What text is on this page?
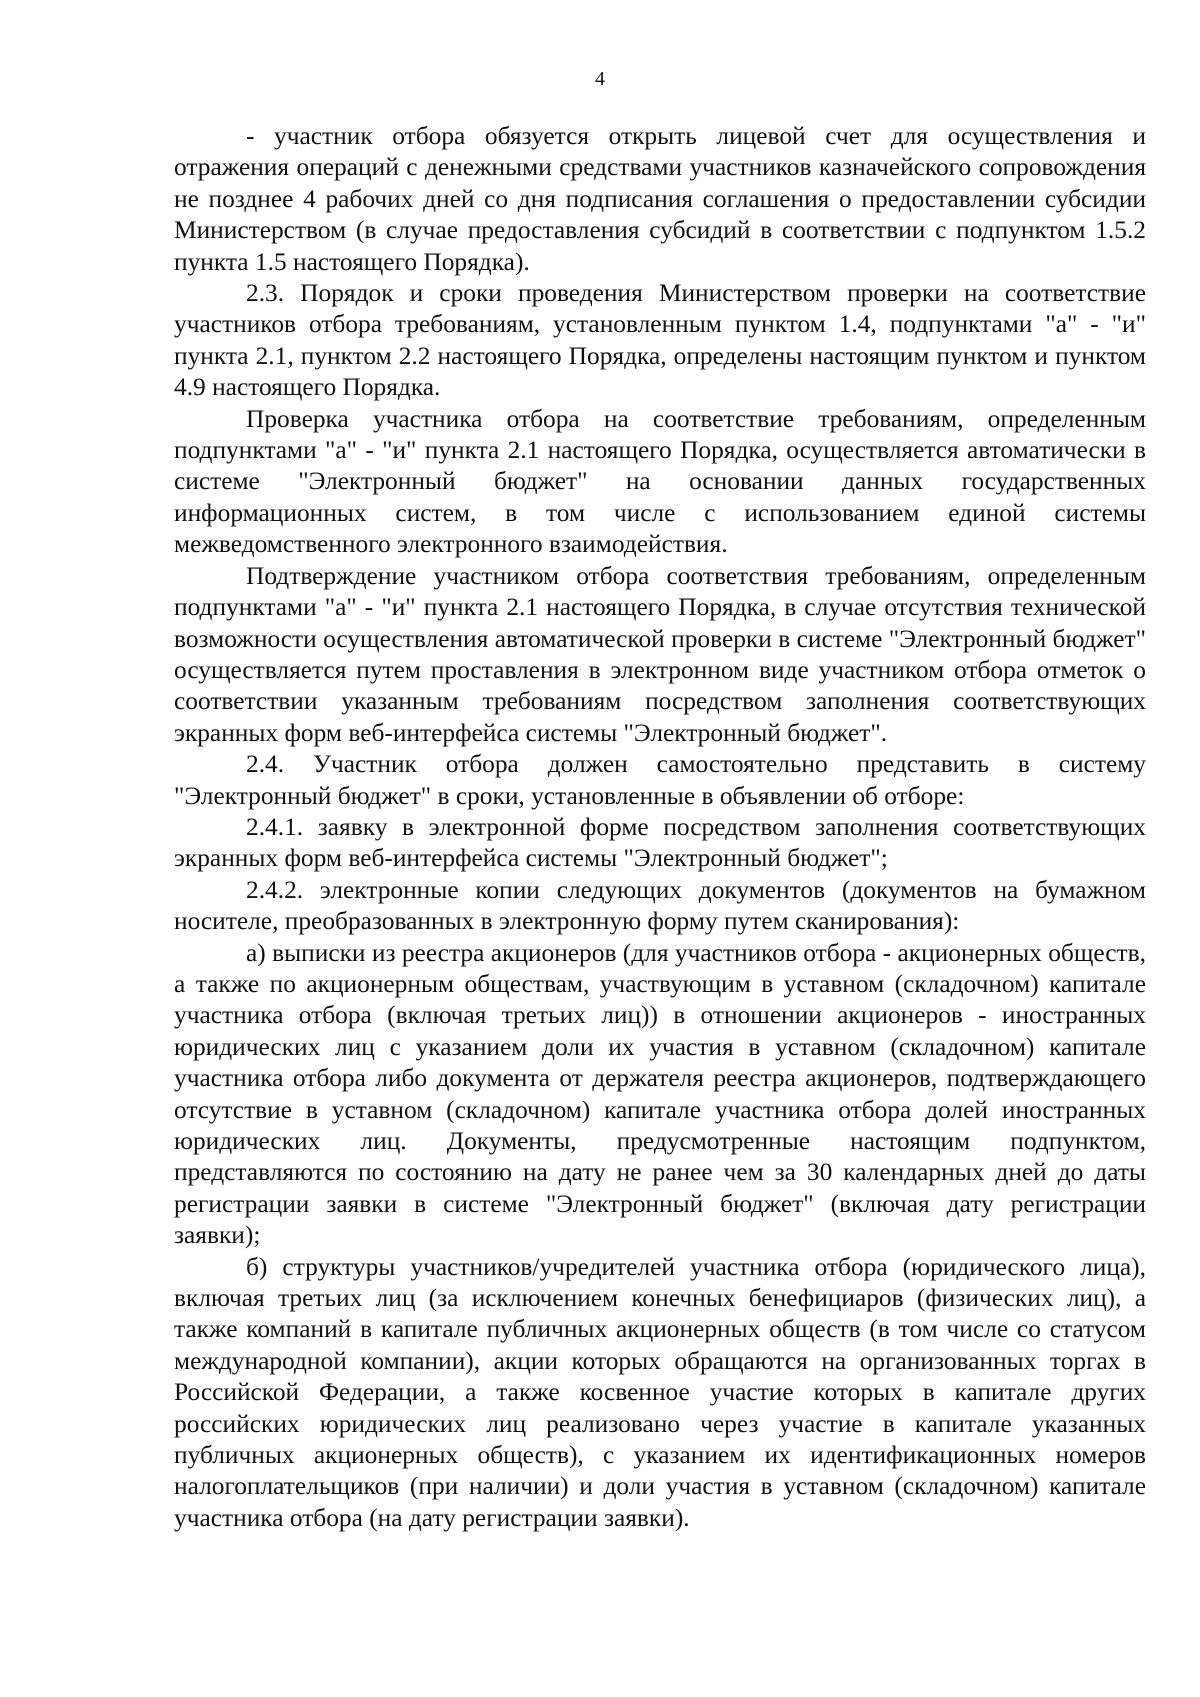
4

- участник отбора обязуется открыть лицевой счет для осуществления и отражения операций с денежными средствами участников казначейского сопровождения не позднее 4 рабочих дней со дня подписания соглашения о предоставлении субсидии Министерством (в случае предоставления субсидий в соответствии с подпунктом 1.5.2 пункта 1.5 настоящего Порядка).

2.3. Порядок и сроки проведения Министерством проверки на соответствие участников отбора требованиям, установленным пунктом 1.4, подпунктами "а" - "и" пункта 2.1, пунктом 2.2 настоящего Порядка, определены настоящим пунктом и пунктом 4.9 настоящего Порядка.

Проверка участника отбора на соответствие требованиям, определенным подпунктами "а" - "и" пункта 2.1 настоящего Порядка, осуществляется автоматически в системе "Электронный бюджет" на основании данных государственных информационных систем, в том числе с использованием единой системы межведомственного электронного взаимодействия.

Подтверждение участником отбора соответствия требованиям, определенным подпунктами "а" - "и" пункта 2.1 настоящего Порядка, в случае отсутствия технической возможности осуществления автоматической проверки в системе "Электронный бюджет" осуществляется путем проставления в электронном виде участником отбора отметок о соответствии указанным требованиям посредством заполнения соответствующих экранных форм веб-интерфейса системы "Электронный бюджет".

2.4. Участник отбора должен самостоятельно представить в систему "Электронный бюджет" в сроки, установленные в объявлении об отборе:

2.4.1. заявку в электронной форме посредством заполнения соответствующих экранных форм веб-интерфейса системы "Электронный бюджет";

2.4.2. электронные копии следующих документов (документов на бумажном носителе, преобразованных в электронную форму путем сканирования):

а) выписки из реестра акционеров (для участников отбора - акционерных обществ, а также по акционерным обществам, участвующим в уставном (складочном) капитале участника отбора (включая третьих лиц)) в отношении акционеров - иностранных юридических лиц с указанием доли их участия в уставном (складочном) капитале участника отбора либо документа от держателя реестра акционеров, подтверждающего отсутствие в уставном (складочном) капитале участника отбора долей иностранных юридических лиц. Документы, предусмотренные настоящим подпунктом, представляются по состоянию на дату не ранее чем за 30 календарных дней до даты регистрации заявки в системе "Электронный бюджет" (включая дату регистрации заявки);

б) структуры участников/учредителей участника отбора (юридического лица), включая третьих лиц (за исключением конечных бенефициаров (физических лиц), а также компаний в капитале публичных акционерных обществ (в том числе со статусом международной компании), акции которых обращаются на организованных торгах в Российской Федерации, а также косвенное участие которых в капитале других российских юридических лиц реализовано через участие в капитале указанных публичных акционерных обществ), с указанием их идентификационных номеров налогоплательщиков (при наличии) и доли участия в уставном (складочном) капитале участника отбора (на дату регистрации заявки).
